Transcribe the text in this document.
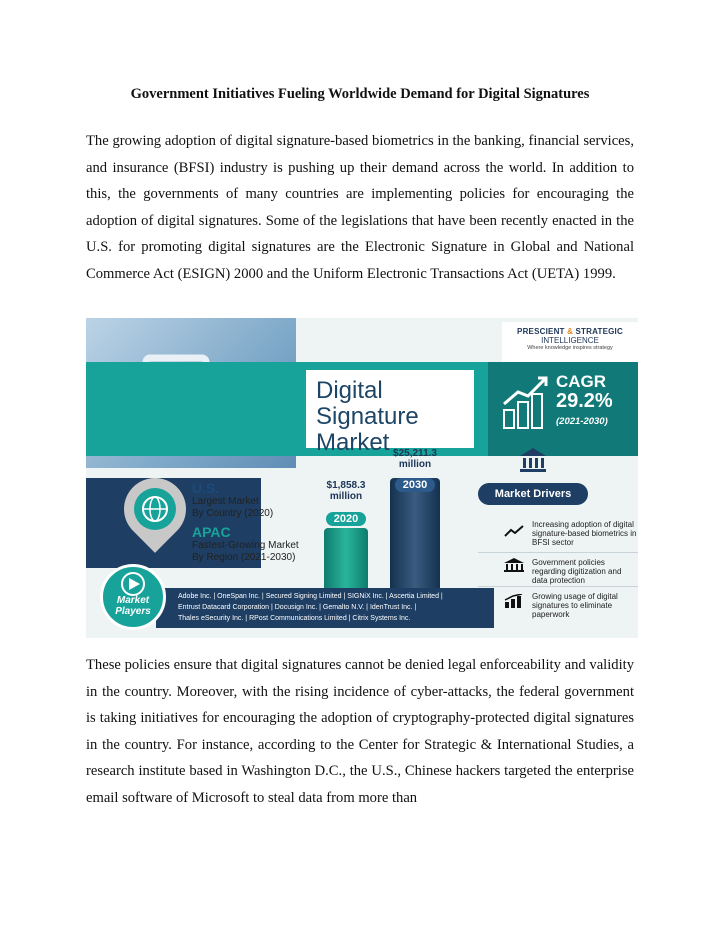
Government Initiatives Fueling Worldwide Demand for Digital Signatures

The growing adoption of digital signature-based biometrics in the banking, financial services, and insurance (BFSI) industry is pushing up their demand across the world. In addition to this, the governments of many countries are implementing policies for encouraging the adoption of digital signatures. Some of the legislations that have been recently enacted in the U.S. for promoting digital signatures are the Electronic Signature in Global and National Commerce Act (ESIGN) 2000 and the Uniform Electronic Transactions Act (UETA) 1999.

PRESCIENT & STRATEGIC
INTELLIGENCE
Where knowledge inspires strategy
Digital Signature
Market
CAGR
29.2%
(2021-2030)
U.S.
Largest Market
By Country (2020)
APAC
Fastest-Growing Market
By Region (2021-2030)
$1,858.3
million
2020
$25,211.3
million
2030
Market Drivers
Increasing adoption of digital signature-based biometrics in BFSI sector
Government policies regarding digitization and data protection
Growing usage of digital signatures to eliminate paperwork
Adobe Inc. | OneSpan Inc. | Secured Signing Limited | SIGNiX Inc. | Ascertia Limited |
Entrust Datacard Corporation | Docusign Inc. | Gemalto N.V. | IdenTrust Inc. |
Thales eSecurity Inc. | RPost Communications Limited | Citrix Systems Inc.
Market
Players

These policies ensure that digital signatures cannot be denied legal enforceability and validity in the country. Moreover, with the rising incidence of cyber-attacks, the federal government is taking initiatives for encouraging the adoption of cryptography-protected digital signatures in the country. For instance, according to the Center for Strategic & International Studies, a research institute based in Washington D.C., the U.S., Chinese hackers targeted the enterprise email software of Microsoft to steal data from more than
